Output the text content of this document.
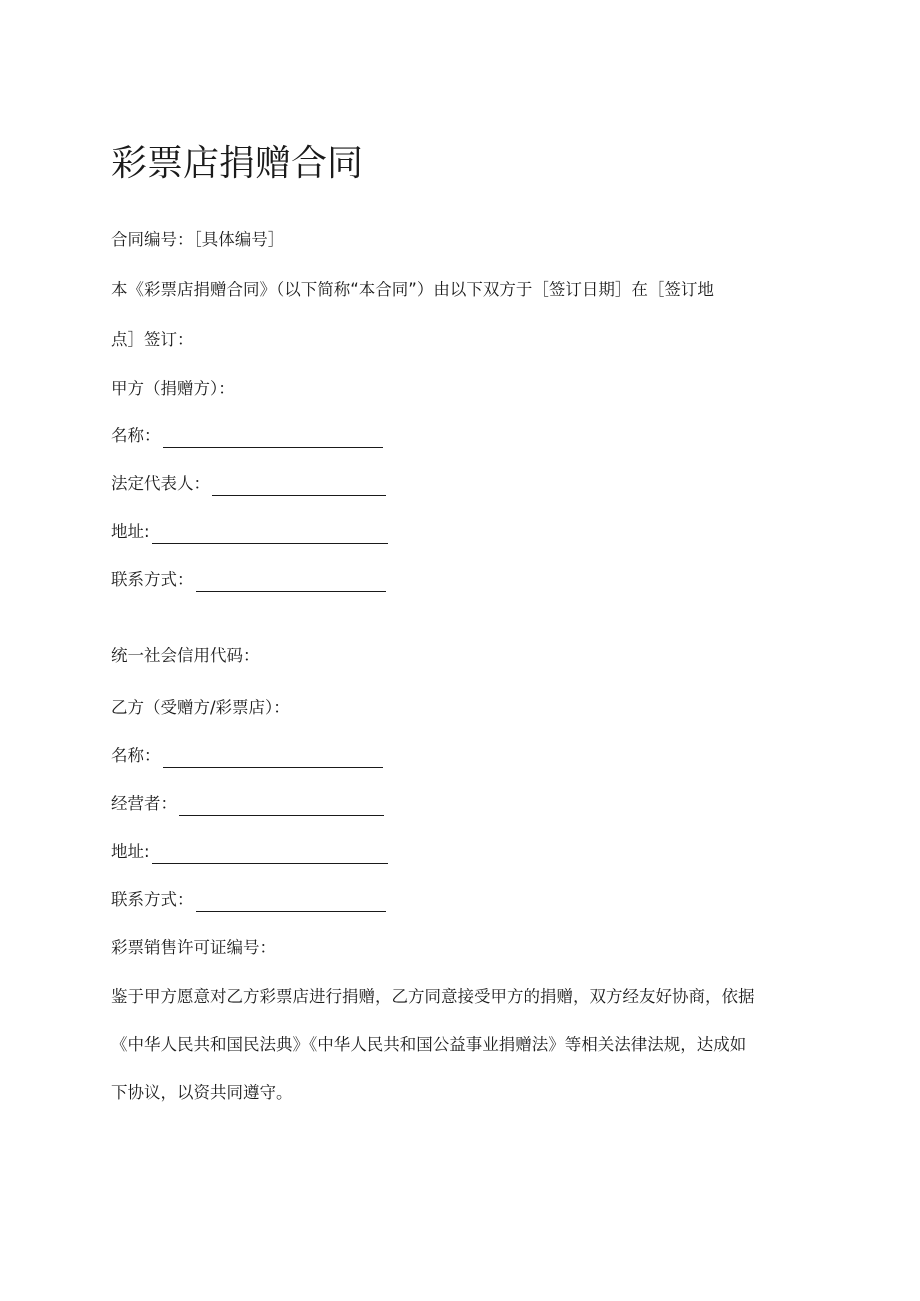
彩票店捐赠合同
合同编号：［具体编号］
本《彩票店捐赠合同》（以下简称“本合同”）由以下双方于［签订日期］在［签订地
点］签订：
甲方（捐赠方）：
名称：
法定代表人：
地址:
联系方式：
统一社会信用代码：
乙方（受赠方/彩票店）：
名称：
经营者：
地址:
联系方式：
彩票销售许可证编号：
鉴于甲方愿意对乙方彩票店进行捐赠，乙方同意接受甲方的捐赠，双方经友好协商，依据
《中华人民共和国民法典》《中华人民共和国公益事业捐赠法》等相关法律法规，达成如
下协议，以资共同遵守。
